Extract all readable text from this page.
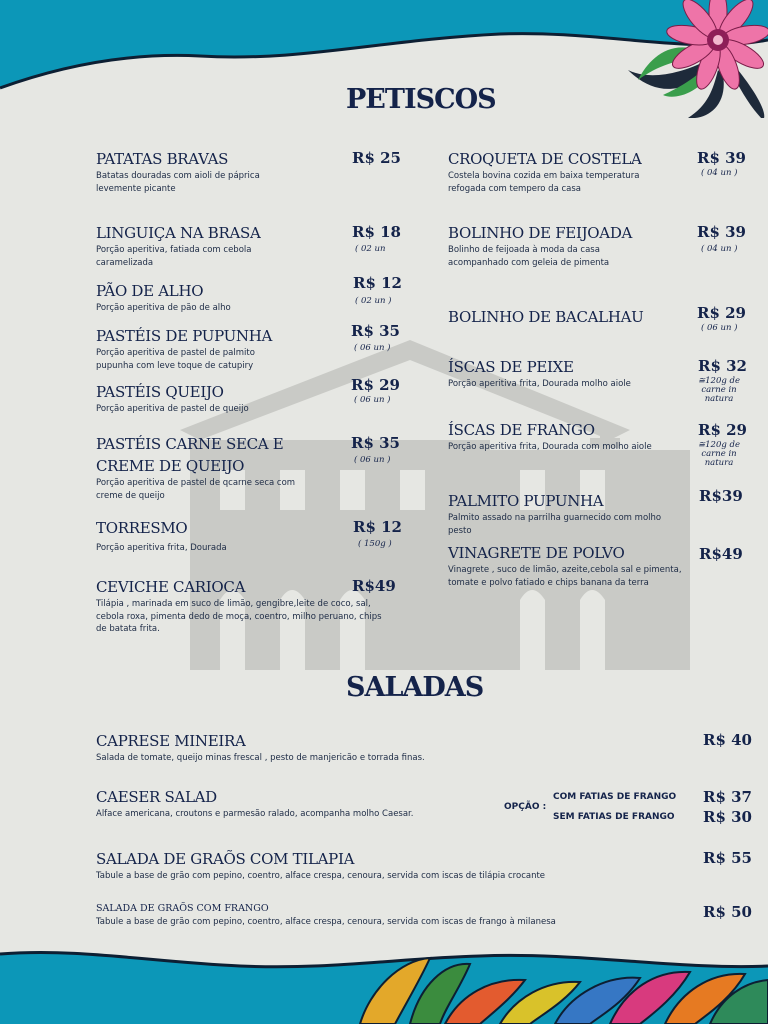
PETISCOS
SALADAS
PATATAS BRAVAS
Batatas douradas com aioli de páprica levemente picante
R$ 25
LINGUIÇA NA BRASA
Porção aperitiva, fatiada com cebola caramelizada
R$ 18
( 02 un
PÃO DE ALHO
Porção aperitiva de pão de alho
R$ 12
( 02 un )
PASTÉIS DE PUPUNHA
Porção aperitiva de pastel de palmito pupunha com leve toque de catupiry
R$ 35
( 06 un )
PASTÉIS QUEIJO
Porção aperitiva de pastel de queijo
R$ 29
( 06 un )
PASTÉIS CARNE SECA E
CREME DE QUEIJO
Porção aperitiva de pastel de qcarne seca com creme de queijo
R$ 35
( 06 un )
TORRESMO
Porção aperitiva frita, Dourada
R$ 12
( 150g )
CEVICHE CARIOCA
Tilápia , marinada em suco de limão, gengibre,leite de coco, sal, cebola roxa, pimenta dedo de moça, coentro, milho peruano, chips de batata frita.
R$49
CROQUETA DE COSTELA
Costela bovina cozida em baixa temperatura refogada com tempero da casa
R$ 39
( 04 un )
BOLINHO DE FEIJOADA
Bolinho de feijoada à moda da casa acompanhado com geleia de pimenta
R$ 39
( 04 un )
BOLINHO DE BACALHAU	R$ 29
( 06 un )
ÍSCAS DE PEIXE
Porção aperitiva frita, Dourada molho aiole
R$ 32
≅120g de carne in natura
ÍSCAS DE FRANGO
Porção aperitiva frita, Dourada com molho aiole
R$ 29
≅120g de carne in natura
PALMITO PUPUNHA
Palmito assado na parrilha guarnecido com molho pesto
R$39
VINAGRETE DE POLVO
Vinagrete , suco de limão, azeite,cebola sal e pimenta, tomate e polvo fatiado e chips banana da terra
R$49
CAPRESE MINEIRA
Salada de tomate, queijo minas frescal , pesto de manjericão e torrada finas.
R$ 40
CAESER SALAD
Alface americana, croutons e parmesão ralado, acompanha molho Caesar.
OPÇÃO :
COM FATIAS DE FRANGO
SEM FATIAS DE FRANGO
R$ 37
R$ 30
SALADA DE GRAÕS COM TILAPIA
Tabule a base de grão com pepino, coentro, alface crespa, cenoura, servida com iscas de tilápia crocante
R$ 55
SALADA DE GRAÕS COM FRANGO
Tabule a base de grão com pepino, coentro, alface crespa, cenoura, servida com iscas de frango à milanesa
R$ 50
